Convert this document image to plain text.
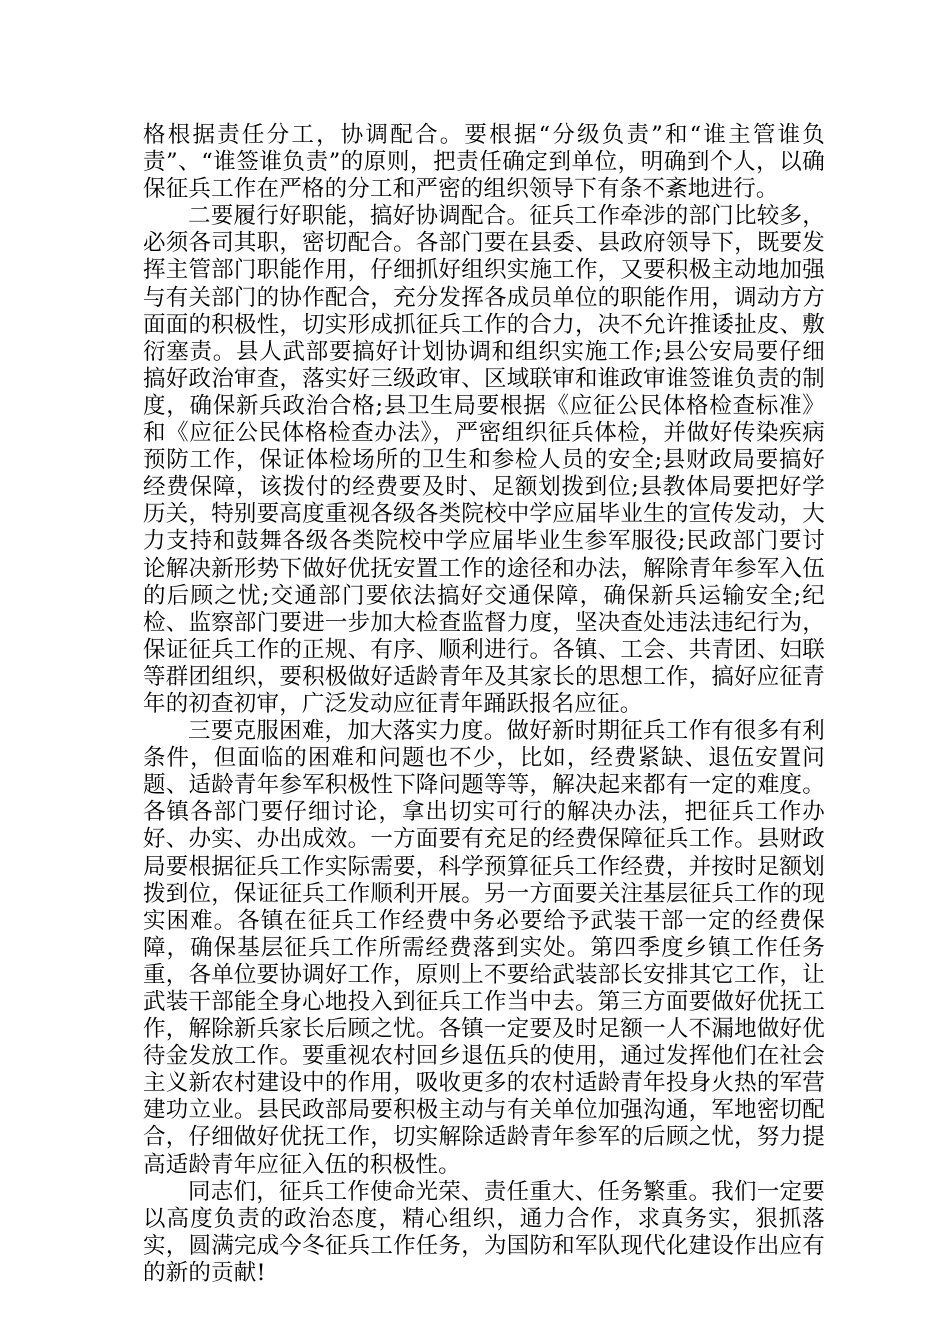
格根据责任分工，协调配合。要根据“分级负责”和“谁主管谁负责”、“谁签谁负责”的原则，把责任确定到单位，明确到个人，以确保征兵工作在严格的分工和严密的组织领导下有条不紊地进行。

二要履行好职能，搞好协调配合。征兵工作牵涉的部门比较多，必须各司其职，密切配合。各部门要在县委、县政府领导下，既要发挥主管部门职能作用，仔细抓好组织实施工作，又要积极主动地加强与有关部门的协作配合，充分发挥各成员单位的职能作用，调动方方面面的积极性，切实形成抓征兵工作的合力，决不允许推诿扯皮、敷衍塞责。县人武部要搞好计划协调和组织实施工作;县公安局要仔细搞好政治审查，落实好三级政审、区域联审和谁政审谁签谁负责的制度，确保新兵政治合格;县卫生局要根据《应征公民体格检查标准》和《应征公民体格检查办法》，严密组织征兵体检，并做好传染疾病预防工作，保证体检场所的卫生和参检人员的安全;县财政局要搞好经费保障，该拨付的经费要及时、足额划拨到位;县教体局要把好学历关，特别要高度重视各级各类院校中学应届毕业生的宣传发动，大力支持和鼓舞各级各类院校中学应届毕业生参军服役;民政部门要讨论解决新形势下做好优抚安置工作的途径和办法，解除青年参军入伍的后顾之忧;交通部门要依法搞好交通保障，确保新兵运输安全;纪检、监察部门要进一步加大检查监督力度，坚决查处违法违纪行为，保证征兵工作的正规、有序、顺利进行。各镇、工会、共青团、妇联等群团组织，要积极做好适龄青年及其家长的思想工作，搞好应征青年的初查初审，广泛发动应征青年踊跃报名应征。

三要克服困难，加大落实力度。做好新时期征兵工作有很多有利条件，但面临的困难和问题也不少，比如，经费紧缺、退伍安置问题、适龄青年参军积极性下降问题等等，解决起来都有一定的难度。各镇各部门要仔细讨论，拿出切实可行的解决办法，把征兵工作办好、办实、办出成效。一方面要有充足的经费保障征兵工作。县财政局要根据征兵工作实际需要，科学预算征兵工作经费，并按时足额划拨到位，保证征兵工作顺利开展。另一方面要关注基层征兵工作的现实困难。各镇在征兵工作经费中务必要给予武装干部一定的经费保障，确保基层征兵工作所需经费落到实处。第四季度乡镇工作任务重，各单位要协调好工作，原则上不要给武装部长安排其它工作，让武装干部能全身心地投入到征兵工作当中去。第三方面要做好优抚工作，解除新兵家长后顾之忧。各镇一定要及时足额一人不漏地做好优待金发放工作。要重视农村回乡退伍兵的使用，通过发挥他们在社会主义新农村建设中的作用，吸收更多的农村适龄青年投身火热的军营建功立业。县民政部局要积极主动与有关单位加强沟通，军地密切配合，仔细做好优抚工作，切实解除适龄青年参军的后顾之忧，努力提高适龄青年应征入伍的积极性。

同志们，征兵工作使命光荣、责任重大、任务繁重。我们一定要以高度负责的政治态度，精心组织，通力合作，求真务实，狠抓落实，圆满完成今冬征兵工作任务，为国防和军队现代化建设作出应有的新的贡献!
